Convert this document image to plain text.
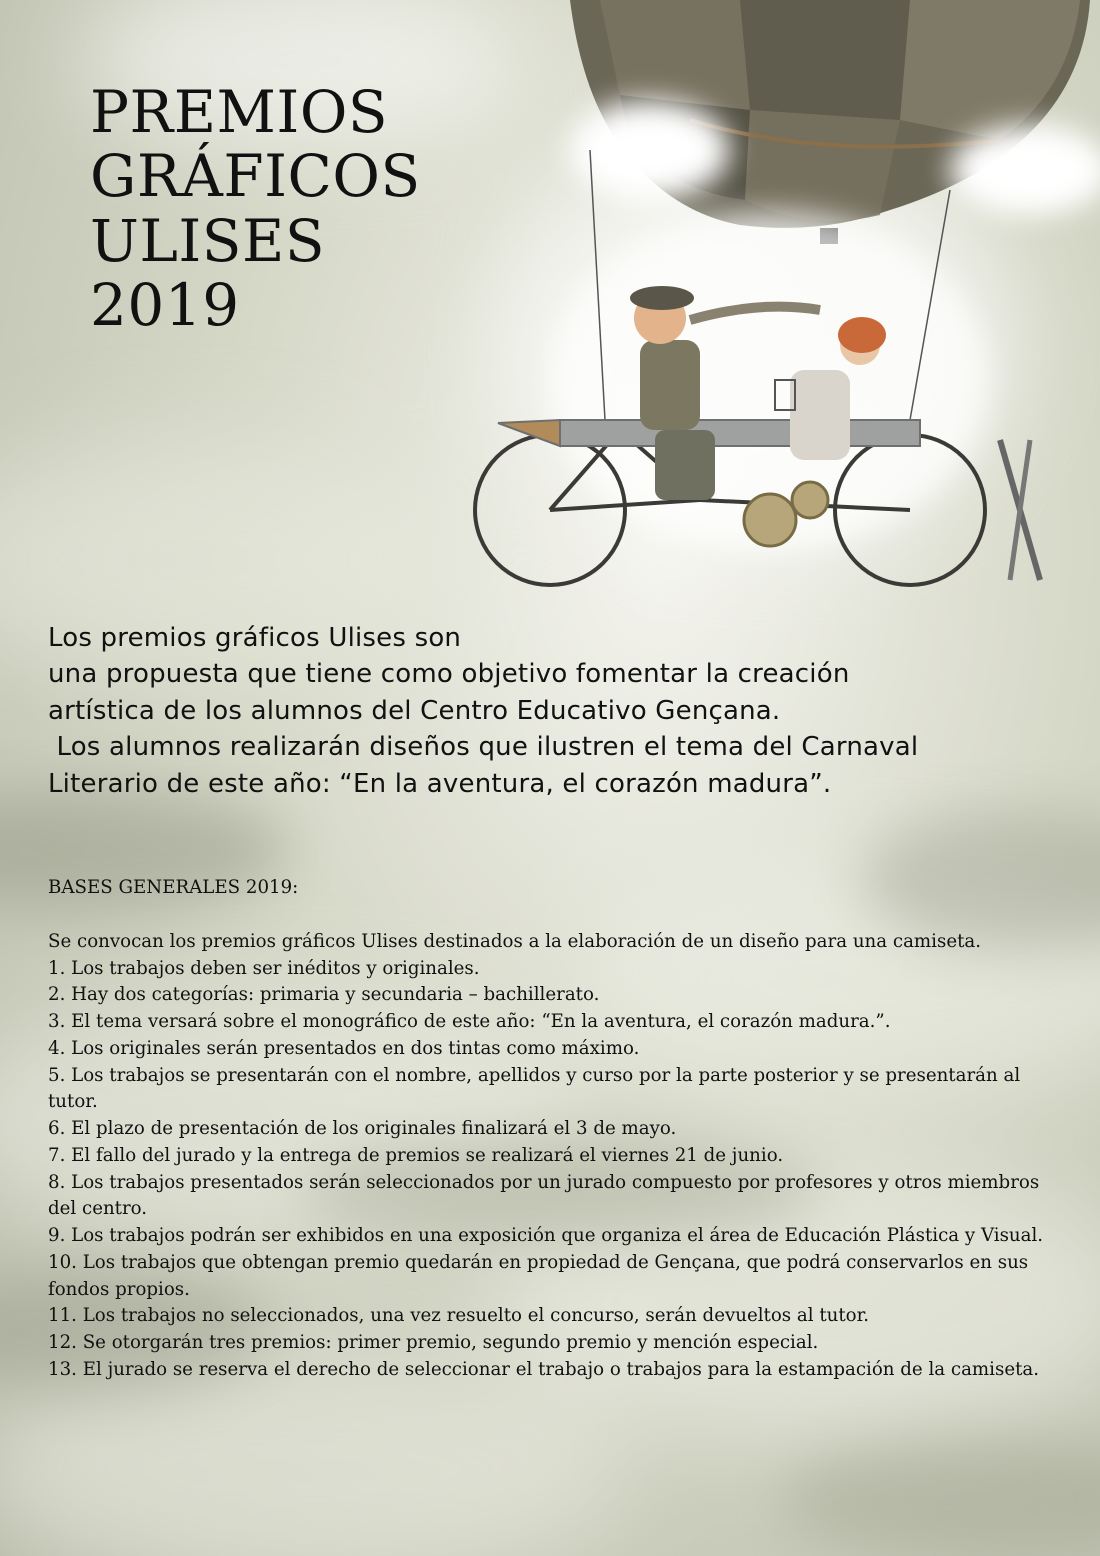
PREMIOS
GRÁFICOS
ULISES
2019

Los premios gráficos Ulises son

una propuesta que tiene como objetivo fomentar la creación

artística de los alumnos del Centro Educativo Gençana.

Los alumnos realizarán diseños que ilustren el tema del Carnaval

Literario de este año: “En la aventura, el corazón madura”.

BASES GENERALES 2019:

Se convocan los premios gráficos Ulises destinados a la elaboración de un diseño para una camiseta.

1. Los trabajos deben ser inéditos y originales.
2. Hay dos categorías: primaria y secundaria – bachillerato.
3. El tema versará sobre el monográfico de este año: “En la aventura, el corazón madura.”.
4. Los originales serán presentados en dos tintas como máximo.
5. Los trabajos se presentarán con el nombre, apellidos y curso por la parte posterior y se presentarán al tutor.
6. El plazo de presentación de los originales finalizará el 3 de mayo.
7. El fallo del jurado y la entrega de premios se realizará el viernes 21 de junio.
8. Los trabajos presentados serán seleccionados por un jurado compuesto por profesores y otros miembros del centro.
9. Los trabajos podrán ser exhibidos en una exposición que organiza el área de Educación Plástica y Visual.
10. Los trabajos que obtengan premio quedarán en propiedad de Gençana, que podrá conservarlos en sus fondos propios.
11. Los trabajos no seleccionados, una vez resuelto el concurso, serán devueltos al tutor.
12. Se otorgarán tres premios: primer premio, segundo premio y mención especial.
13. El jurado se reserva el derecho de seleccionar el trabajo o trabajos para la estampación de la camiseta.
